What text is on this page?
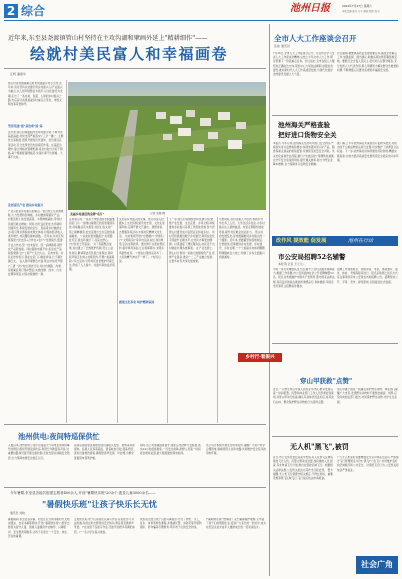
2 综合	池州日报	2024年7月27日 星期六
本版责编:张兵 范子 排版:张静 校:王
近年来,东至县尧渡镇管山村坚持在主攻沟湖和擘画外延上"精耕细作"——
绘就村美民富人和幸福画卷
江帆 潘振华
管山村是尧渡镇重点培育的美丽乡村示范村,近年来,该村坚持以党建引领乡村振兴,以产业振兴为重点,以人居环境整治为抓手,以文化建设为灵魂,走出了一条村美、民富、人和的乡村振兴之路,先后获评省级美丽乡村重点示范村、市级文明村等荣誉称号。
坚持党建"强"基治理"固"基
近年来,管山村两委始终坚持党建引领,不断夯实基层基础,村党支部严格落实\"三会一课\"、主题党日等制度,组织开展党员先锋岗、党员责任区等活动,充分发挥党员先锋模范作用。在基层治理中,建立网格化管理机制,将全村划分为若干网格,每个网格配备网格员,实现小事不出网格、大事不出村。
发展富民产业 推动乡村振兴
产业兴旺是乡村振兴的重点。管山村立足资源禀赋,大力发展特色种植、乡村旅游等富民产业。村里流转土地发展蔬菜、水果种植基地,带动村民就近就业增收。同时,依托良好的生态环境和田园风光,积极发展农家乐、民宿等乡村旅游业态,吸引周边游客前来观光体验,村集体经济收入逐年增长,村民腰包越来越鼓。 近年来,该村还积极探索\"党支部+合作社+农户\"发展模式,组建专业合作社,统一技术指导、统一品牌销售,提升农产品附加值。同时借助电商平台,拓宽农产品销售渠道,让\"土特产\"走出大山、走向市场。村民们纷纷表示,现在在家门口就能挣钱,日子越过越红火。 在人居环境整治方面,管山村持续开展\"三清一改\"村庄清洁行动,对村内道路、沟渠、房前屋后进行集中整治,实施改厕、改水、污水处理等项目,村容村貌焕然一新。
美丽乡村建设的金牌"名片"	记者 吴刚 摄
走进管山村,一条条干净整洁的水泥路通到家门口,一排排白墙黛瓦的民居错落有致,房前屋后花木葱茏,村民们在文化广场上跳舞健身,处处呈现出生态宜居的美丽画卷。 \"以前村里道路泥泞,垃圾随处可见,现在环境好了,住着也舒心。\"村民老王笑着说。 为了巩固整治成果,该村建立了长效管护机制,设立公益性岗位,聘请保洁员负责日常保洁,同时将环境卫生纳入村规民约,开展\"美丽庭院\"评比活动,引导村民自觉维护环境卫生,形成了人人参与、共建共享的良好氛围。
文化是乡村振兴的灵魂。管山村深入挖掘本土文化资源,建设村史馆、文化礼堂等阵地,定期开展文艺演出、道德讲堂、志愿服务等活动,丰富村民精神文化生活。 该村积极开展\"好婆婆\"\"好媳妇\"\"文明家庭\"等评选活动,树立身边典型,弘扬文明新风。通过修订完善村规民约,倡导移风易俗,红白喜事简办,文明乡风蔚然成风。 \"现在村里的活动多了,大家的精气神也不一样了。\"村民们说。
做强文化事业 呵护精神家园
下一步,管山村将继续坚持党建引领,聚焦产业发展、生态宜居、乡风文明,持续推进乡村振兴各项工作落地见效,努力把管山村建设成为宜居宜业和美乡村。 该村还积极推进数字乡村建设,利用信息化手段提升治理水平,让村民办事更加便捷。村里建起了便民服务站,村民足不出村就能办理各类事项。 在产业发展上,管山村计划进一步做大做强特色产业,延伸产业链条,推动一二三产业融合发展,让更多村民共享发展成果。
与此同时,该村注重人才培养,积极引导外出务工人员、大学生返乡创业,为乡村振兴注入新鲜血液。村里定期组织技能培训,提升村民就业创业能力。 管山村的发展变化,是尧渡镇推进乡村振兴的一个缩影。近年来,尧渡镇坚持因地制宜、分类推进,统筹推进乡村发展、乡村建设、乡村治理,一个个美丽乡村如同颗颗明珠镶嵌在大地上,绘就了乡村全面振兴的新画卷。
全市人大工作座谈会召开
张炜 通讯员
7月26日,全市人大工作座谈会召开。会议传达学习全省人大工作座谈会精神,总结上半年全市人大工作,研究部署下一阶段重点任务。会议指出,全市各级人大要坚持正确政治方向,紧扣中心大局依法履职,加强自身建设,推动新时代人大工作高质量发展,为现代化美好池州建设贡献人大力量。
会议强调,要聚焦高质量发展首要任务,围绕全市重点工作,加强监督、提出建议,助推各项决策部署落地见效。要践行全过程人民民主,密切同人民群众联系,充分发挥人大代表作用,用心用情用力解决群众急难愁盼问题,不断增强人民群众获得感幸福感安全感。
池州海关严格查验
把好进口货物安全关
本报讯 今年以来,池州海关坚决筑牢国门安全防线,严格落实进口货物查验要求,持续加强对进口矿产品、粮食等重点商品的检验监管,有效防范质量安全风险。该关优化查验作业流程,推行\"先放后检\"等便利化措施,在守牢安全底线的同时,提升通关效率,助力外贸企业降本增效,全力保障进口货物安全顺畅。
据了解,上半年池州海关共查验进口货物多批次,对检出的不合格货物依法进行处置,切实维护了消费者合法权益。下一步,池州海关将持续强化风险防控,精准实施查验,为地方经济高质量发展营造安全稳定的口岸环境。
改作风 提效能 促发展	池州在行动
市公安局招聘52名辅警
本报讯(记者 王元元)
为进一步充实辅警队伍力量,提升公安机关服务保障能力,根据工作需要,市公安局面向社会公开招聘辅警52名。报名对象须拥护中国共产党领导,遵守国家法律法规,具有良好的政治素质和道德品行,身体健康,年龄及学历等符合招聘条件要求。
招聘工作按照报名、资格审查、笔试、体能测评、面试、体检、考察等程序进行。报名采取网上报名方式,有关事项详见市公安局发布的招聘公告。招聘坚持公开、平等、竞争、择优原则,全程接受社会监督。
乡村行·看振兴
穿山甲获救"点赞"
近日,一只野生穿山甲误入居民家中,热心群众发现后第一时间报警。民警和林业部门工作人员迅速赶到现场,对穿山甲进行检查,确认其身体状况良好后,将其放归山林。群众保护野生动物的行为获得点赞。
穿山甲属于国家一级重点保护野生动物。林业部门提醒广大市民,发现野生动物时不要擅自捕捉、饲养,应及时向相关部门报告,共同保护野生动物,守护生态家园。
无人机"黑飞",被罚
近日,市公安局民警在巡查中发现,有人在禁飞区域违规放飞无人机。民警立即前往处置,找到操控人员,经查,其未申请飞行计划,擅自在管控区域飞行。根据相关法律法规,公安机关依法对其作出行政处罚。 警方提醒,无人机飞行须遵守相关规定,不得在机场、重要设施等禁飞区域飞行,飞行前应依法申请报备。
广大无人机爱好者要增强安全意识和法治意识,严格遵守飞行管理规定,切勿\"黑飞\"\"乱飞\",共同维护良好的空域秩序和公共安全。对违规飞行行为,公安机关将依法严肃查处。
社会广角
池州供电:夜间特巡保供忙
入夏以来,池州供电公司针对高温天气用电负荷持续攀升的情况,组织开展夜间特巡,利用红外测温等手段,对重要线路和设备开展全面检测,及时发现并消除安全隐患,全力保障电网安全稳定运行。
夜间巡视能更直观地发现设备接头发热、放电等异常现象。巡视人员顶着高温、冒着蚊虫叮咬,逐基杆塔、逐台设备细致排查,确保隐患早发现、早处理,为群众度夏用电保驾护航。
同时,该公司加强值班值守,强化应急抢修力量配置,落实24小时值班制度,一旦发生故障,抢修人员第一时间赶赴现场处置,最大限度缩短停电时间。
该公司还积极开展安全用电宣传,提醒广大用户科学合理用电,错峰使用大功率电器,共同维护安全有序的用电环境。
今年暑期,东至县各地共组建志愿者400余人,开设"暑期快乐班"20余个,惠及儿童3000余名——
"暑假快乐班"让孩子快乐长无忧
通讯员 刘晓
暑假期间,东至县各乡镇、村社区充分利用新时代文明实践站、农家书屋等阵地,开设\"暑期快乐班\",组织志愿者为留守儿童、困境儿童提供作业辅导、兴趣培训、安全教育等服务,让孩子们度过一个安全、快乐、充实的暑假。
走进快乐班,孩子们有的在认真写作业,有的在学习书法绘画,有的在听志愿者讲安全知识,教室里充满欢声笑语。\"在这里不仅能写作业,还能学到很多有趣的东西。\"一名小学生高兴地说。
快乐班还结合孩子们的兴趣爱好,开设了剪纸、手工、音乐、体育等特色课程,并邀请民警、消防员等开展防溺水、防诈骗等专题教育,筑牢孩子们的安全防线。
\"暑期快乐班\"既解决了家长暑期看护难题,又丰富了孩子们的假期生活,受到广大家长的一致好评,成为东至县关爱未成年人健康成长的一张亮丽名片。
